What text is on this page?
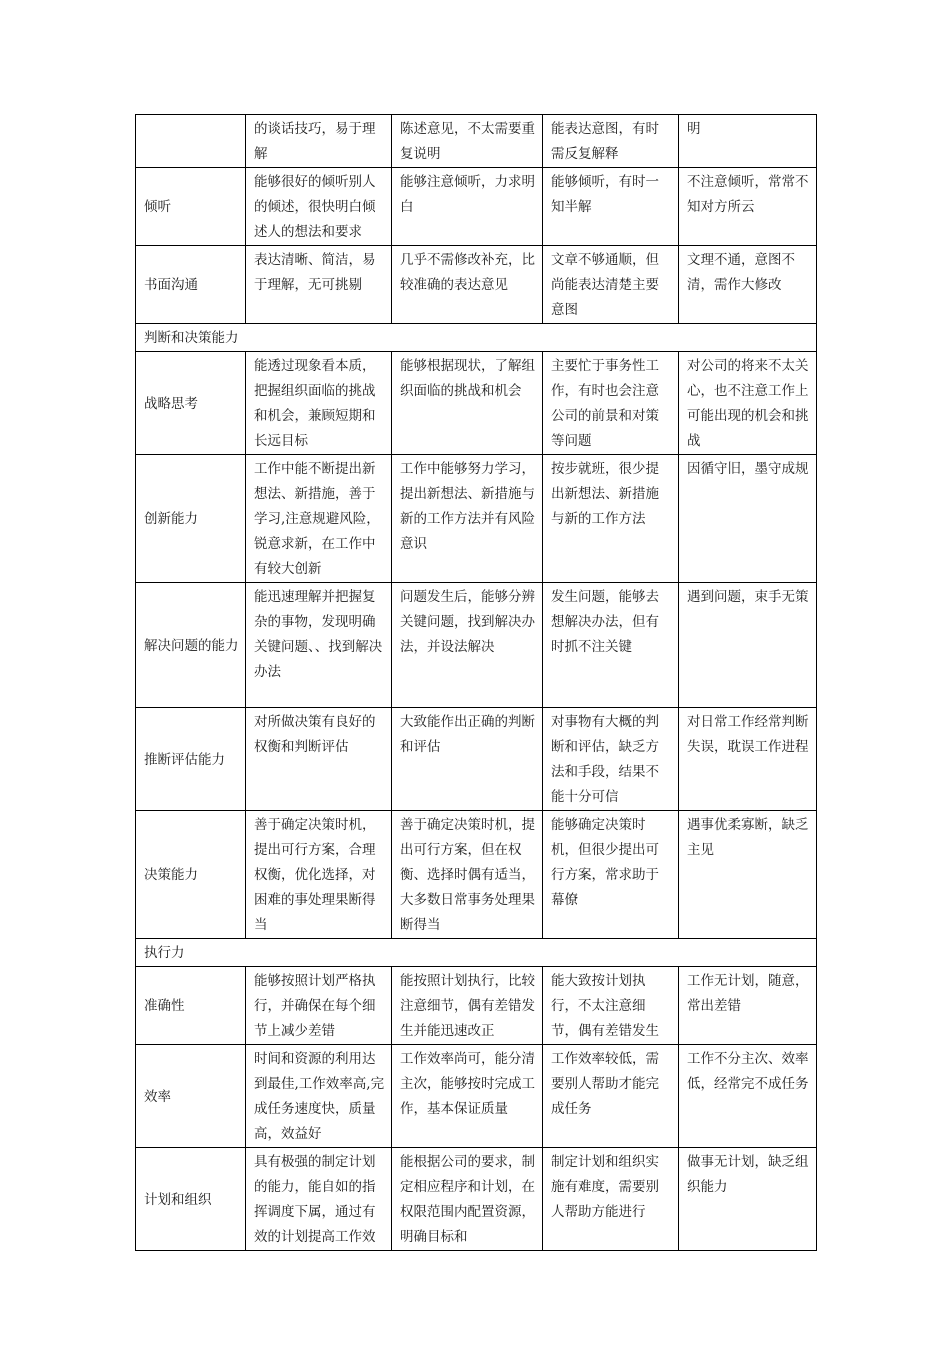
	的谈话技巧，易于理解	陈述意见，不太需要重复说明	能表达意图，有时需反复解释	明
倾听	能够很好的倾听别人的倾述，很快明白倾述人的想法和要求	能够注意倾听，力求明白	能够倾听，有时一知半解	不注意倾听，常常不知对方所云
书面沟通	表达清晰、简洁，易于理解，无可挑剔	几乎不需修改补充，比较准确的表达意见	文章不够通顺，但尚能表达清楚主要意图	文理不通，意图不清，需作大修改
判断和决策能力				
战略思考	能透过现象看本质，把握组织面临的挑战和机会，兼顾短期和长远目标	能够根据现状，了解组织面临的挑战和机会	主要忙于事务性工作，有时也会注意公司的前景和对策等问题	对公司的将来不太关心，也不注意工作上可能出现的机会和挑战
创新能力	工作中能不断提出新想法、新措施，善于学习,注意规避风险，锐意求新，在工作中有较大创新	工作中能够努力学习，提出新想法、新措施与新的工作方法并有风险意识	按步就班，很少提出新想法、新措施与新的工作方法	因循守旧，墨守成规
解决问题的能力	能迅速理解并把握复杂的事物，发现明确关键问题、、找到解决办法	问题发生后，能够分辨关键问题，找到解决办法，并设法解决	发生问题，能够去想解决办法，但有时抓不注关键	遇到问题，束手无策
推断评估能力	对所做决策有良好的权衡和判断评估	大致能作出正确的判断和评估	对事物有大概的判断和评估，缺乏方法和手段，结果不能十分可信	对日常工作经常判断失误，耽误工作进程
决策能力	善于确定决策时机，提出可行方案，合理权衡，优化选择，对困难的事处理果断得当	善于确定决策时机，提出可行方案，但在权衡、选择时偶有适当，大多数日常事务处理果断得当	能够确定决策时机，但很少提出可行方案，常求助于幕僚	遇事优柔寡断，缺乏主见
执行力				
准确性	能够按照计划严格执行，并确保在每个细节上减少差错	能按照计划执行，比较注意细节，偶有差错发生并能迅速改正	能大致按计划执行，不太注意细节，偶有差错发生	工作无计划，随意，常出差错
效率	时间和资源的利用达到最佳,工作效率高,完成任务速度快，质量高，效益好	工作效率尚可，能分清主次，能够按时完成工作，基本保证质量	工作效率较低，需要别人帮助才能完成任务	工作不分主次、效率低，经常完不成任务
计划和组织	具有极强的制定计划的能力，能自如的指挥调度下属，通过有效的计划提高工作效	能根据公司的要求，制定相应程序和计划，在权限范围内配置资源，明确目标和	制定计划和组织实施有难度，需要别人帮助方能进行	做事无计划，缺乏组织能力
